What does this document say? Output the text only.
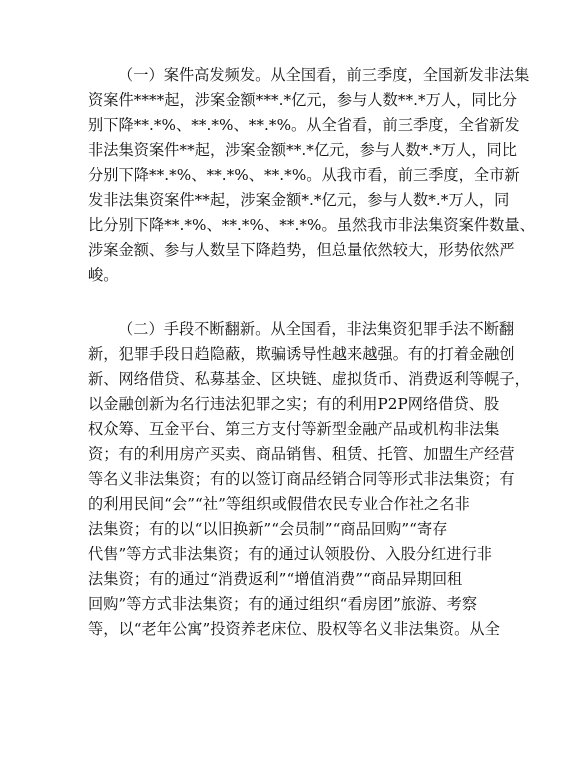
（一）案件高发频发。从全国看，前三季度，全国新发非法集
资案件****起，涉案金额***.*亿元，参与人数**.*万人，同比分
别下降**.*%、**.*%、**.*%。从全省看，前三季度，全省新发
非法集资案件**起，涉案金额**.*亿元，参与人数*.*万人，同比
分别下降**.*%、**.*%、**.*%。从我市看，前三季度，全市新
发非法集资案件**起，涉案金额*.*亿元，参与人数*.*万人，同
比分别下降**.*%、**.*%、**.*%。虽然我市非法集资案件数量、
涉案金额、参与人数呈下降趋势，但总量依然较大，形势依然严
峻。
（二）手段不断翻新。从全国看，非法集资犯罪手法不断翻
新，犯罪手段日趋隐蔽，欺骗诱导性越来越强。有的打着金融创
新、网络借贷、私募基金、区块链、虚拟货币、消费返利等幌子，
以金融创新为名行违法犯罪之实；有的利用P2P网络借贷、股
权众筹、互金平台、第三方支付等新型金融产品或机构非法集
资；有的利用房产买卖、商品销售、租赁、托管、加盟生产经营
等名义非法集资；有的以签订商品经销合同等形式非法集资；有
的利用民间“会”“社”等组织或假借农民专业合作社之名非
法集资；有的以“以旧换新”“会员制”“商品回购”“寄存
代售”等方式非法集资；有的通过认领股份、入股分红进行非
法集资；有的通过“消费返利”“增值消费”“商品异期回租
回购”等方式非法集资；有的通过组织“看房团”旅游、考察
等，以“老年公寓”投资养老床位、股权等名义非法集资。从全
